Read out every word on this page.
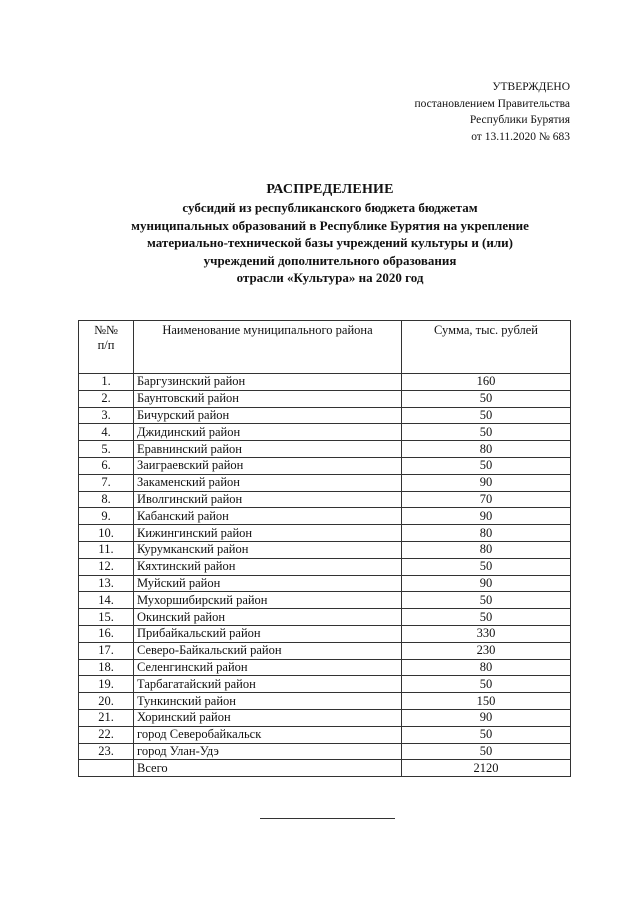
УТВЕРЖДЕНО
постановлением Правительства
Республики Бурятия
от 13.11.2020 № 683
РАСПРЕДЕЛЕНИЕ
субсидий из республиканского бюджета бюджетам
муниципальных образований в Республике Бурятия на укрепление
материально-технической базы учреждений культуры и (или)
учреждений дополнительного образования
отрасли «Культура» на 2020 год
№№
п/п	Наименование муниципального района	Сумма, тыс. рублей
1.	Баргузинский район	160
2.	Баунтовский район	50
3.	Бичурский район	50
4.	Джидинский район	50
5.	Еравнинский район	80
6.	Заиграевский район	50
7.	Закаменский район	90
8.	Иволгинский район	70
9.	Кабанский район	90
10.	Кижингинский район	80
11.	Курумканский район	80
12.	Кяхтинский район	50
13.	Муйский район	90
14.	Мухоршибирский район	50
15.	Окинский район	50
16.	Прибайкальский район	330
17.	Северо-Байкальский район	230
18.	Селенгинский район	80
19.	Тарбагатайский район	50
20.	Тункинский район	150
21.	Хоринский район	90
22.	город Северобайкальск	50
23.	город Улан-Удэ	50
	Всего	2120
